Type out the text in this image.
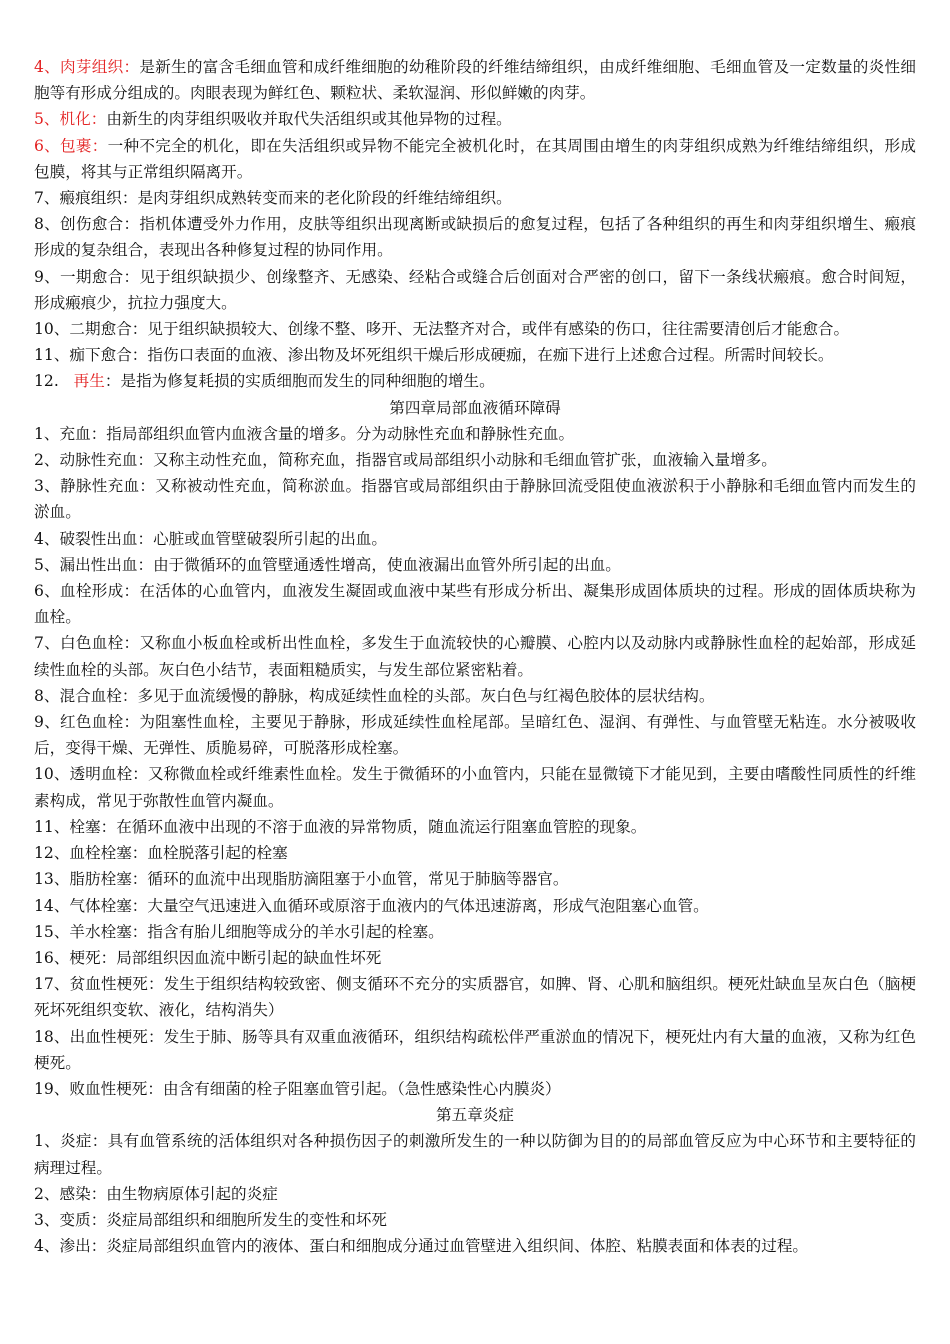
4、肉芽组织：是新生的富含毛细血管和成纤维细胞的幼稚阶段的纤维结缔组织，由成纤维细胞、毛细血管及一定数量的炎性细胞等有形成分组成的。肉眼表现为鲜红色、颗粒状、柔软湿润、形似鲜嫩的肉芽。

5、机化：由新生的肉芽组织吸收并取代失活组织或其他异物的过程。

6、包裹：一种不完全的机化，即在失活组织或异物不能完全被机化时，在其周围由增生的肉芽组织成熟为纤维结缔组织，形成包膜，将其与正常组织隔离开。

7、瘢痕组织：是肉芽组织成熟转变而来的老化阶段的纤维结缔组织。

8、创伤愈合：指机体遭受外力作用，皮肤等组织出现离断或缺损后的愈复过程，包括了各种组织的再生和肉芽组织增生、瘢痕形成的复杂组合，表现出各种修复过程的协同作用。

9、一期愈合：见于组织缺损少、创缘整齐、无感染、经粘合或缝合后创面对合严密的创口，留下一条线状瘢痕。愈合时间短，形成瘢痕少，抗拉力强度大。

10、二期愈合：见于组织缺损较大、创缘不整、哆开、无法整齐对合，或伴有感染的伤口，往往需要清创后才能愈合。

11、痂下愈合：指伤口表面的血液、渗出物及坏死组织干燥后形成硬痂，在痂下进行上述愈合过程。所需时间较长。

12.   再生：是指为修复耗损的实质细胞而发生的同种细胞的增生。

第四章局部血液循环障碍

1、充血：指局部组织血管内血液含量的增多。分为动脉性充血和静脉性充血。

2、动脉性充血：又称主动性充血，简称充血，指器官或局部组织小动脉和毛细血管扩张，血液输入量增多。

3、静脉性充血：又称被动性充血，简称淤血。指器官或局部组织由于静脉回流受阻使血液淤积于小静脉和毛细血管内而发生的淤血。

4、破裂性出血：心脏或血管壁破裂所引起的出血。

5、漏出性出血：由于微循环的血管壁通透性增高，使血液漏出血管外所引起的出血。

6、血栓形成：在活体的心血管内，血液发生凝固或血液中某些有形成分析出、凝集形成固体质块的过程。形成的固体质块称为血栓。

7、白色血栓：又称血小板血栓或析出性血栓，多发生于血流较快的心瓣膜、心腔内以及动脉内或静脉性血栓的起始部，形成延续性血栓的头部。灰白色小结节，表面粗糙质实，与发生部位紧密粘着。

8、混合血栓：多见于血流缓慢的静脉，构成延续性血栓的头部。灰白色与红褐色胶体的层状结构。

9、红色血栓：为阻塞性血栓，主要见于静脉，形成延续性血栓尾部。呈暗红色、湿润、有弹性、与血管壁无粘连。水分被吸收后，变得干燥、无弹性、质脆易碎，可脱落形成栓塞。

10、透明血栓：又称微血栓或纤维素性血栓。发生于微循环的小血管内，只能在显微镜下才能见到，主要由嗜酸性同质性的纤维素构成，常见于弥散性血管内凝血。

11、栓塞：在循环血液中出现的不溶于血液的异常物质，随血流运行阻塞血管腔的现象。

12、血栓栓塞：血栓脱落引起的栓塞

13、脂肪栓塞：循环的血流中出现脂肪滴阻塞于小血管，常见于肺脑等器官。

14、气体栓塞：大量空气迅速进入血循环或原溶于血液内的气体迅速游离，形成气泡阻塞心血管。

15、羊水栓塞：指含有胎儿细胞等成分的羊水引起的栓塞。

16、梗死：局部组织因血流中断引起的缺血性坏死

17、贫血性梗死：发生于组织结构较致密、侧支循环不充分的实质器官，如脾、肾、心肌和脑组织。梗死灶缺血呈灰白色（脑梗死坏死组织变软、液化，结构消失）

18、出血性梗死：发生于肺、肠等具有双重血液循环，组织结构疏松伴严重淤血的情况下，梗死灶内有大量的血液，又称为红色梗死。

19、败血性梗死：由含有细菌的栓子阻塞血管引起。（急性感染性心内膜炎）

第五章炎症

1、炎症：具有血管系统的活体组织对各种损伤因子的刺激所发生的一种以防御为目的的局部血管反应为中心环节和主要特征的病理过程。

2、感染：由生物病原体引起的炎症

3、变质：炎症局部组织和细胞所发生的变性和坏死

4、渗出：炎症局部组织血管内的液体、蛋白和细胞成分通过血管壁进入组织间、体腔、粘膜表面和体表的过程。
